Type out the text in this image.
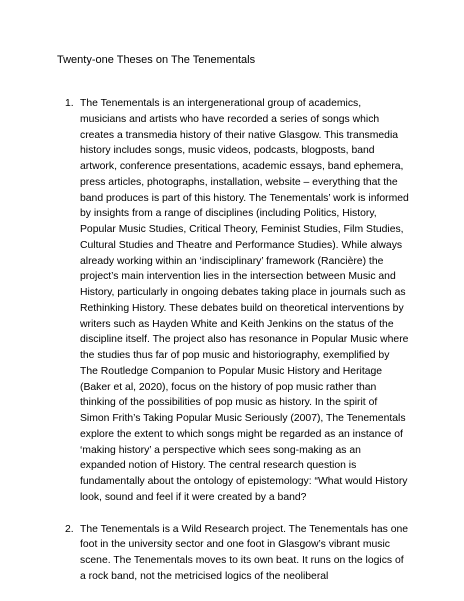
Twenty-one Theses on The Tenementals
1. The Tenementals is an intergenerational group of academics, musicians and artists who have recorded a series of songs which creates a transmedia history of their native Glasgow. This transmedia history includes songs, music videos, podcasts, blogposts, band artwork, conference presentations, academic essays, band ephemera, press articles, photographs, installation, website – everything that the band produces is part of this history. The Tenementals’ work is informed by insights from a range of disciplines (including Politics, History, Popular Music Studies, Critical Theory, Feminist Studies, Film Studies, Cultural Studies and Theatre and Performance Studies). While always already working within an ‘indisciplinary’ framework (Rancière) the project’s main intervention lies in the intersection between Music and History, particularly in ongoing debates taking place in journals such as Rethinking History. These debates build on theoretical interventions by writers such as Hayden White and Keith Jenkins on the status of the discipline itself. The project also has resonance in Popular Music where the studies thus far of pop music and historiography, exemplified by The Routledge Companion to Popular Music History and Heritage (Baker et al, 2020), focus on the history of pop music rather than thinking of the possibilities of pop music as history. In the spirit of Simon Frith’s Taking Popular Music Seriously (2007), The Tenementals explore the extent to which songs might be regarded as an instance of ‘making history’ a perspective which sees song-making as an expanded notion of History. The central research question is fundamentally about the ontology of epistemology: “What would History look, sound and feel if it were created by a band?
2. The Tenementals is a Wild Research project. The Tenementals has one foot in the university sector and one foot in Glasgow’s vibrant music scene. The Tenementals moves to its own beat. It runs on the logics of a rock band, not the metricised logics of the neoliberal
